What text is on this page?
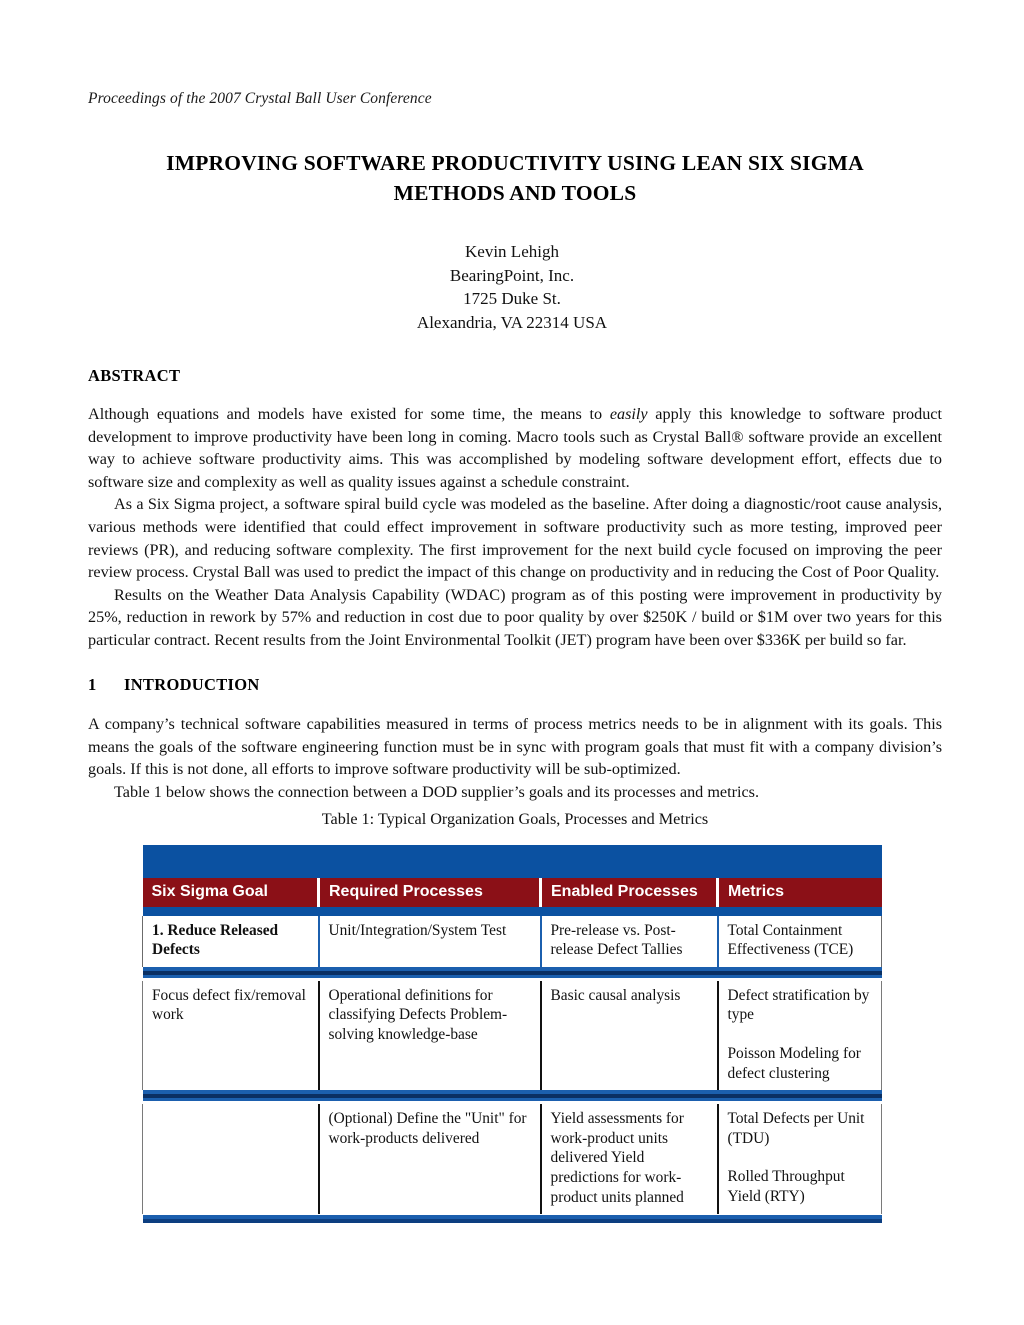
Proceedings of the 2007 Crystal Ball User Conference
IMPROVING SOFTWARE PRODUCTIVITY USING LEAN SIX SIGMA METHODS AND TOOLS
Kevin Lehigh
BearingPoint, Inc.
1725 Duke St.
Alexandria, VA 22314 USA
ABSTRACT

Although equations and models have existed for some time, the means to easily apply this knowledge to software product development to improve productivity have been long in coming. Macro tools such as Crystal Ball® software provide an excellent way to achieve software productivity aims. This was accomplished by modeling software development effort, effects due to software size and complexity as well as quality issues against a schedule constraint.

As a Six Sigma project, a software spiral build cycle was modeled as the baseline. After doing a diagnostic/root cause analysis, various methods were identified that could effect improvement in software productivity such as more testing, improved peer reviews (PR), and reducing software complexity. The first improvement for the next build cycle focused on improving the peer review process. Crystal Ball was used to predict the impact of this change on productivity and in reducing the Cost of Poor Quality.

Results on the Weather Data Analysis Capability (WDAC) program as of this posting were improvement in productivity by 25%, reduction in rework by 57% and reduction in cost due to poor quality by over $250K / build or $1M over two years for this particular contract. Recent results from the Joint Environmental Toolkit (JET) program have been over $336K per build so far.

1 INTRODUCTION

A company’s technical software capabilities measured in terms of process metrics needs to be in alignment with its goals. This means the goals of the software engineering function must be in sync with program goals that must fit with a company division’s goals. If this is not done, all efforts to improve software productivity will be sub-optimized.

Table 1 below shows the connection between a DOD supplier’s goals and its processes and metrics.

Table 1: Typical Organization Goals, Processes and Metrics

Six Sigma Goal	Required Processes	Enabled Processes	Metrics

1. Reduce Released Defects	Unit/Integration/System Test	Pre-release vs. Post-release Defect Tallies	Total Containment Effectiveness (TCE)

Focus defect fix/removal work	Operational definitions for classifying Defects Problem-solving knowledge-base	Basic causal analysis	Defect stratification by type
Poisson Modeling for defect clustering

	(Optional) Define the "Unit" for work-products delivered	Yield assessments for work-product units delivered Yield predictions for work-product units planned	Total Defects per Unit (TDU)
Rolled Throughput Yield (RTY)
